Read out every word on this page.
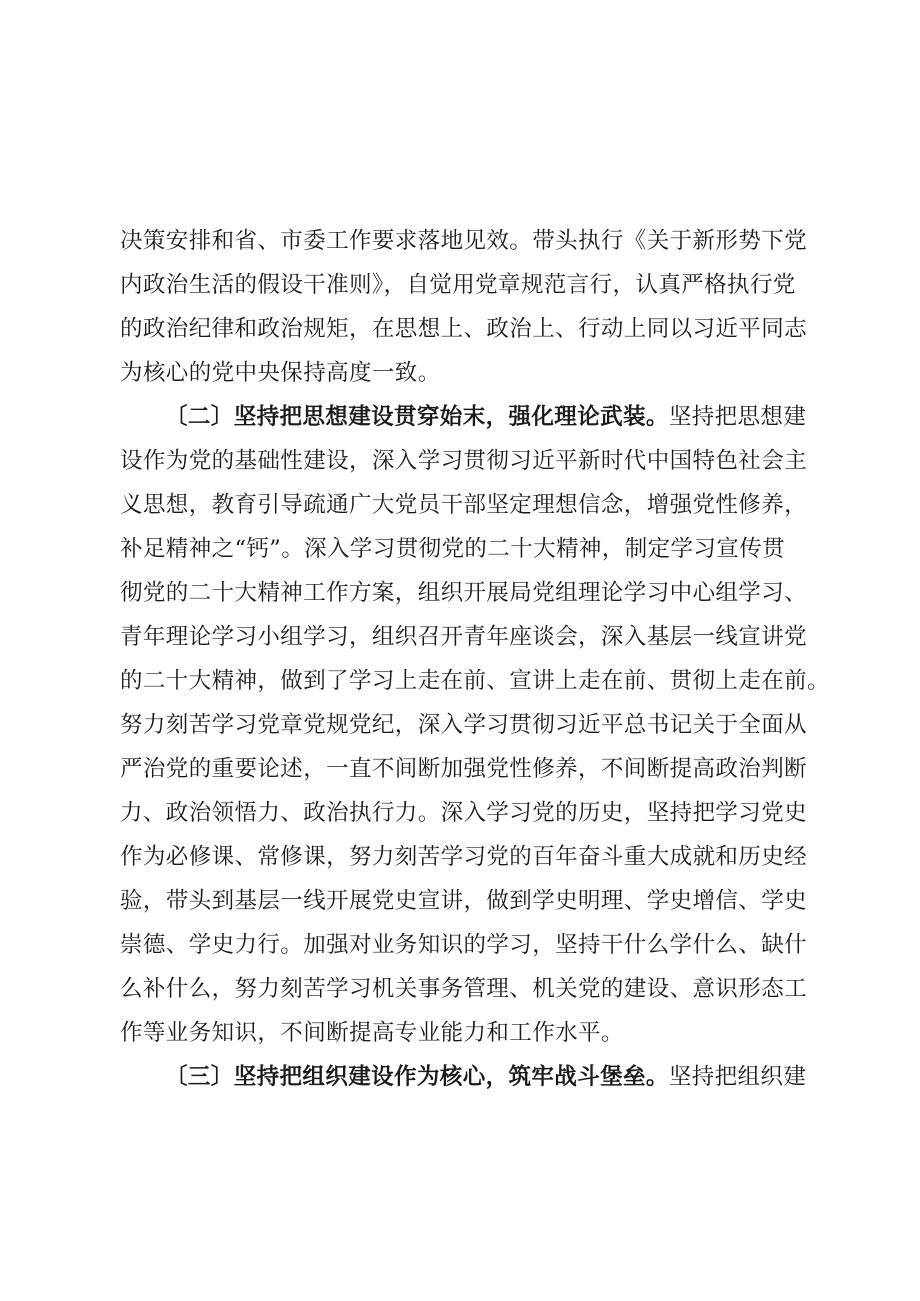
决策安排和省、市委工作要求落地见效。带头执行《关于新形势下党
内政治生活的假设干准则》，自觉用党章规范言行，认真严格执行党
的政治纪律和政治规矩，在思想上、政治上、行动上同以习近平同志
为核心的党中央保持高度一致。
〔二〕坚持把思想建设贯穿始末，强化理论武装。坚持把思想建
设作为党的基础性建设，深入学习贯彻习近平新时代中国特色社会主
义思想，教育引导疏通广大党员干部坚定理想信念，增强党性修养，
补足精神之“钙”。深入学习贯彻党的二十大精神，制定学习宣传贯
彻党的二十大精神工作方案，组织开展局党组理论学习中心组学习、
青年理论学习小组学习，组织召开青年座谈会，深入基层一线宣讲党
的二十大精神，做到了学习上走在前、宣讲上走在前、贯彻上走在前。
努力刻苦学习党章党规党纪，深入学习贯彻习近平总书记关于全面从
严治党的重要论述，一直不间断加强党性修养，不间断提高政治判断
力、政治领悟力、政治执行力。深入学习党的历史，坚持把学习党史
作为必修课、常修课，努力刻苦学习党的百年奋斗重大成就和历史经
验，带头到基层一线开展党史宣讲，做到学史明理、学史增信、学史
崇德、学史力行。加强对业务知识的学习，坚持干什么学什么、缺什
么补什么，努力刻苦学习机关事务管理、机关党的建设、意识形态工
作等业务知识，不间断提高专业能力和工作水平。
〔三〕坚持把组织建设作为核心，筑牢战斗堡垒。坚持把组织建
